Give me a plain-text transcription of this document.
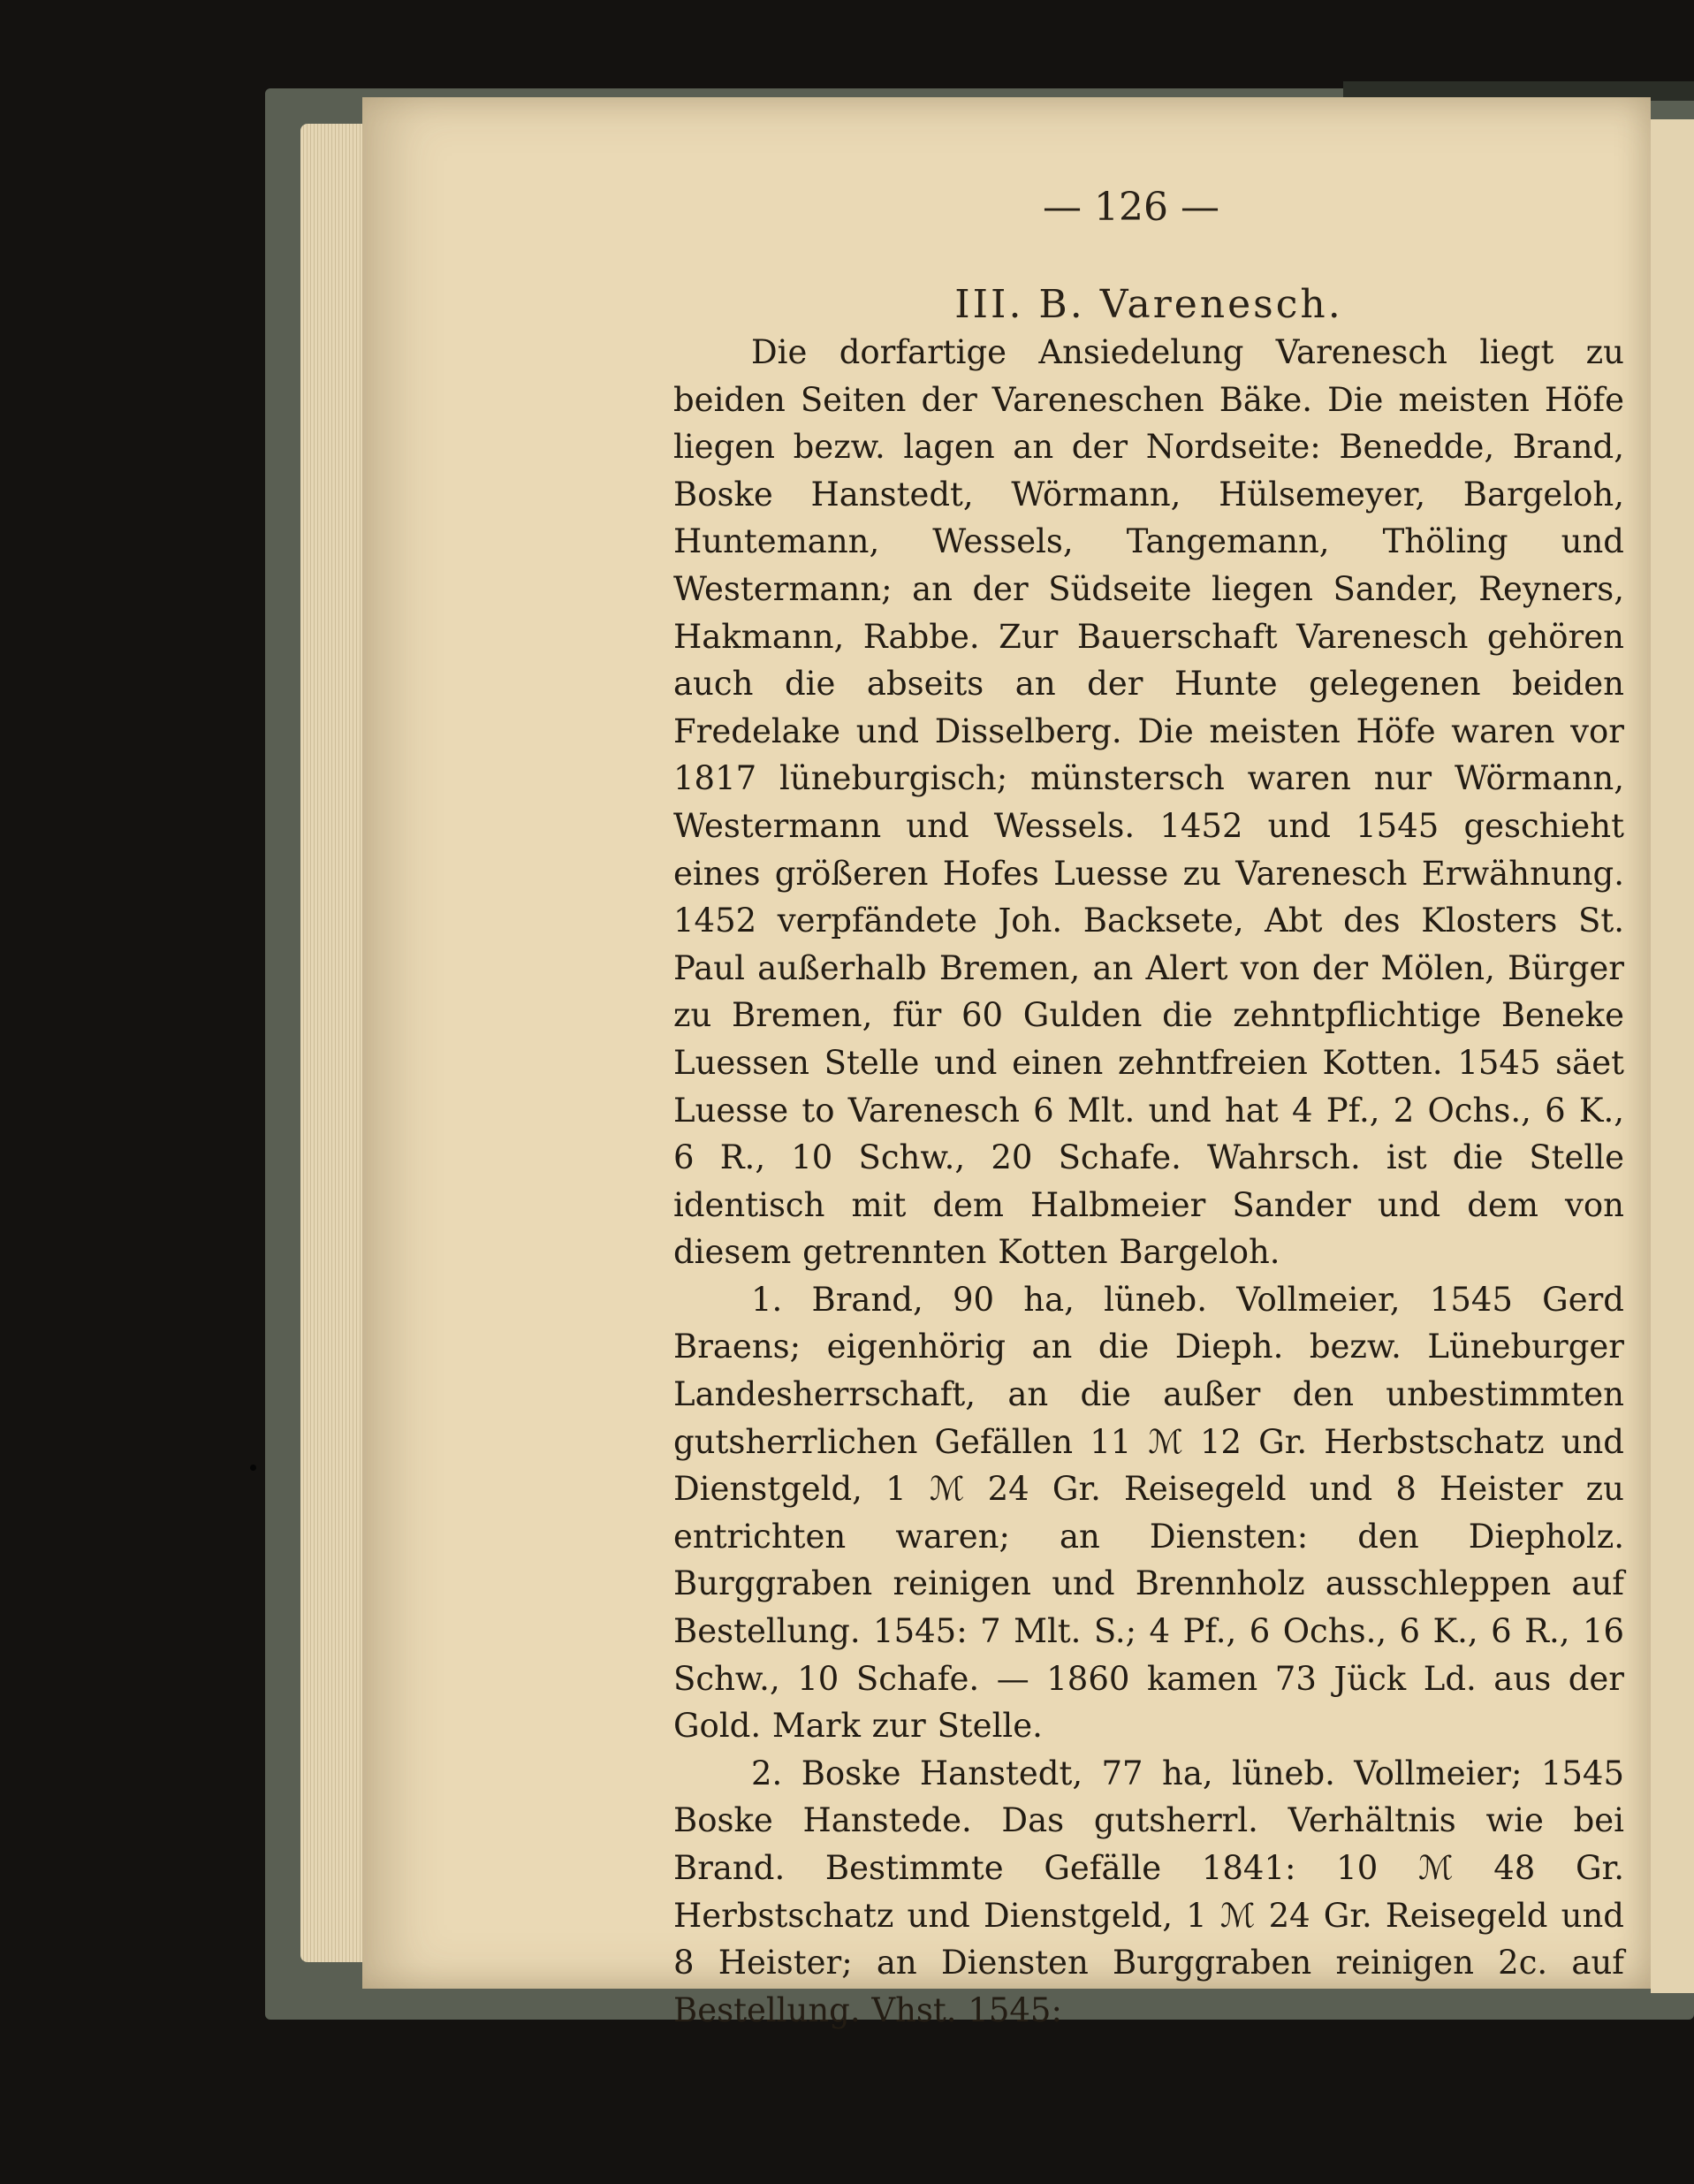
— 126 —
III. B. Varenesch.

Die dorfartige Ansiedelung Varenesch liegt zu beiden Seiten der Vareneschen Bäke. Die meisten Höfe liegen bezw. lagen an der Nordseite: Benedde, Brand, Boske Hanstedt, Wörmann, Hülsemeyer, Bargeloh, Huntemann, Wessels, Tangemann, Thöling und Westermann; an der Südseite liegen Sander, Reyners, Hakmann, Rabbe. Zur Bauerschaft Varenesch gehören auch die abseits an der Hunte gelegenen beiden Fredelake und Disselberg. Die meisten Höfe waren vor 1817 lüneburgisch; münstersch waren nur Wörmann, Westermann und Wessels. 1452 und 1545 geschieht eines größeren Hofes Luesse zu Varenesch Erwähnung. 1452 verpfändete Joh. Backsete, Abt des Klosters St. Paul außerhalb Bremen, an Alert von der Mölen, Bürger zu Bremen, für 60 Gulden die zehntpflichtige Beneke Luessen Stelle und einen zehntfreien Kotten. 1545 säet Luesse to Varenesch 6 Mlt. und hat 4 Pf., 2 Ochs., 6 K., 6 R., 10 Schw., 20 Schafe. Wahrsch. ist die Stelle identisch mit dem Halbmeier Sander und dem von diesem getrennten Kotten Bargeloh.

1. Brand, 90 ha, lüneb. Vollmeier, 1545 Gerd Braens; eigenhörig an die Dieph. bezw. Lüneburger Landesherrschaft, an die außer den unbestimmten gutsherrlichen Gefällen 11 ℳ 12 Gr. Herbstschatz und Dienstgeld, 1 ℳ 24 Gr. Reisegeld und 8 Heister zu entrichten waren; an Diensten: den Diepholz. Burggraben reinigen und Brennholz ausschleppen auf Bestellung. 1545: 7 Mlt. S.; 4 Pf., 6 Ochs., 6 K., 6 R., 16 Schw., 10 Schafe. — 1860 kamen 73 Jück Ld. aus der Gold. Mark zur Stelle.

2. Boske Hanstedt, 77 ha, lüneb. Vollmeier; 1545 Boske Hanstede. Das gutsherrl. Verhältnis wie bei Brand. Bestimmte Gefälle 1841: 10 ℳ 48 Gr. Herbstschatz und Dienstgeld, 1 ℳ 24 Gr. Reisegeld und 8 Heister; an Diensten Burggraben reinigen 2c. auf Bestellung. Vhst. 1545:
